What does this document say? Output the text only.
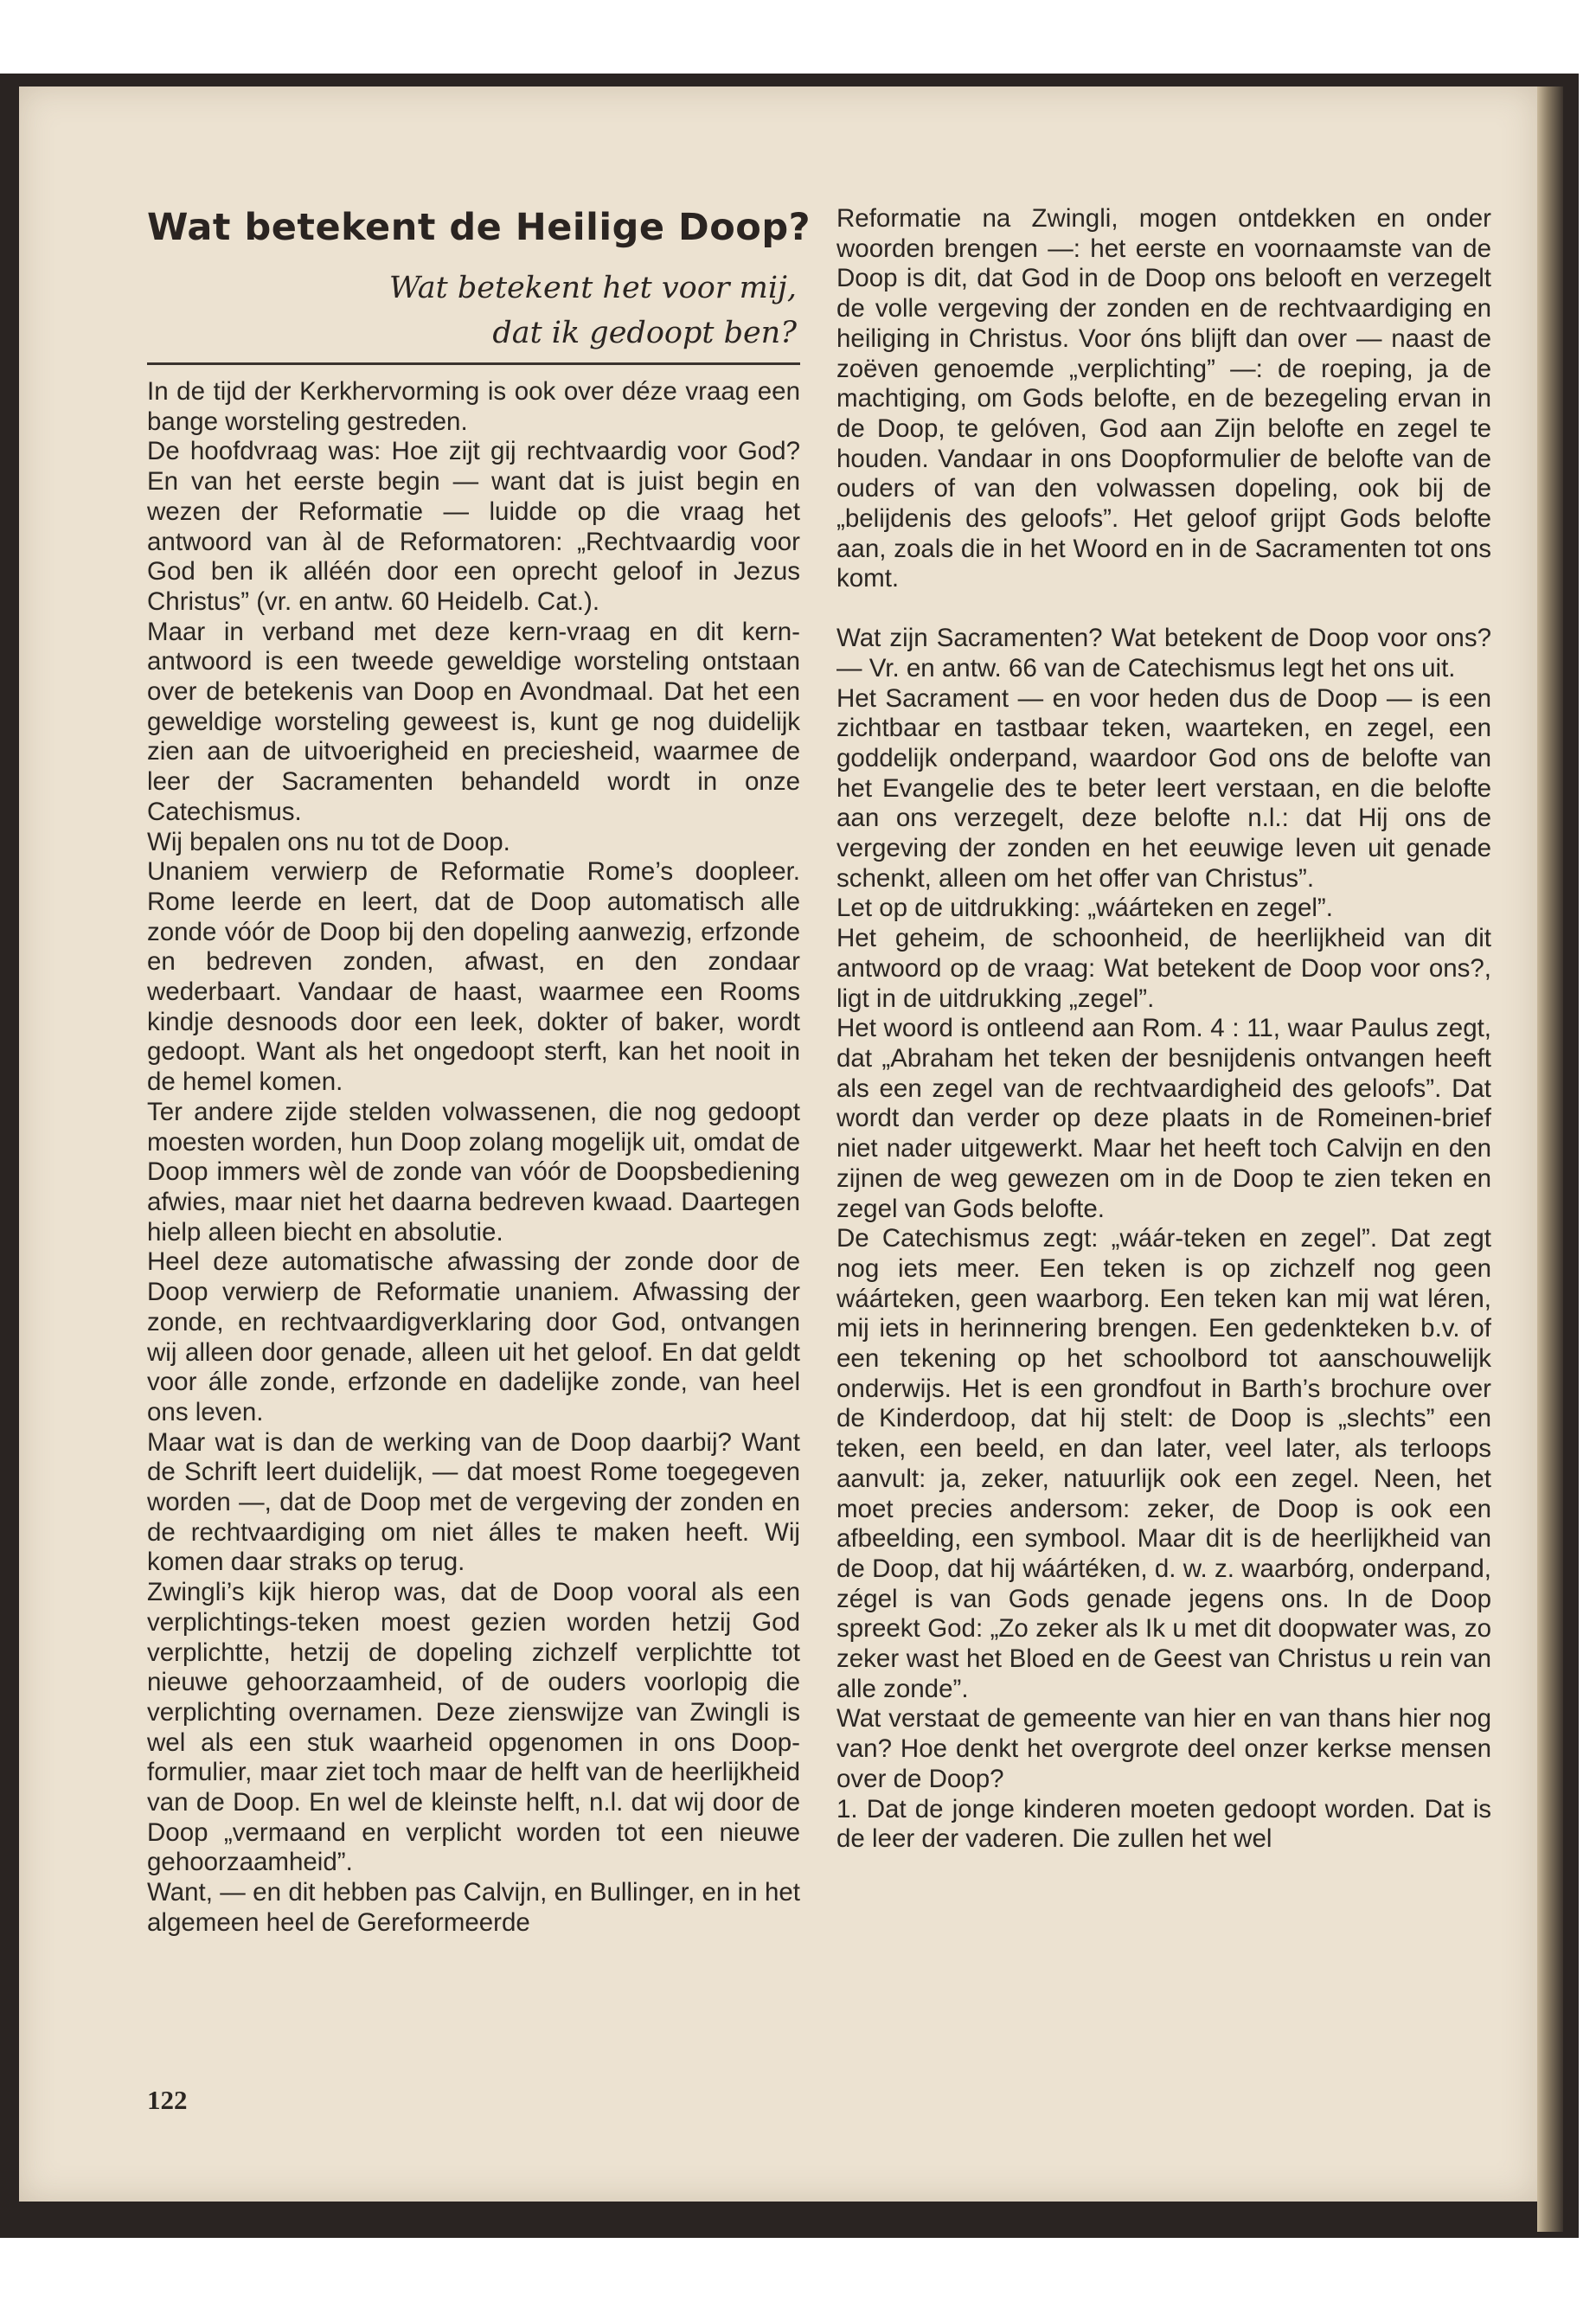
Wat betekent de Heilige Doop?
Wat betekent het voor mij,
dat ik gedoopt ben?

In de tijd der Kerkhervorming is ook over déze vraag een bange worsteling gestreden.

De hoofdvraag was: Hoe zijt gij rechtvaardig voor God? En van het eerste begin — want dat is juist begin en wezen der Reformatie — luidde op die vraag het antwoord van àl de Reformatoren: „Rechtvaardig voor God ben ik alléén door een oprecht geloof in Jezus Christus” (vr. en antw. 60 Heidelb. Cat.).

Maar in verband met deze kern-vraag en dit kern-antwoord is een tweede geweldige worsteling ontstaan over de betekenis van Doop en Avondmaal. Dat het een geweldige worsteling geweest is, kunt ge nog duidelijk zien aan de uitvoerigheid en preciesheid, waarmee de leer der Sacramenten behandeld wordt in onze Catechismus.

Wij bepalen ons nu tot de Doop.

Unaniem verwierp de Reformatie Rome’s doopleer. Rome leerde en leert, dat de Doop automatisch alle zonde vóór de Doop bij den dopeling aanwezig, erfzonde en bedreven zonden, afwast, en den zondaar wederbaart. Vandaar de haast, waarmee een Rooms kindje desnoods door een leek, dokter of baker, wordt gedoopt. Want als het ongedoopt sterft, kan het nooit in de hemel komen.

Ter andere zijde stelden volwassenen, die nog gedoopt moesten worden, hun Doop zolang mogelijk uit, omdat de Doop immers wèl de zonde van vóór de Doopsbediening afwies, maar niet het daarna bedreven kwaad. Daartegen hielp alleen biecht en absolutie.

Heel deze automatische afwassing der zonde door de Doop verwierp de Reformatie unaniem. Afwassing der zonde, en rechtvaardigverklaring door God, ontvangen wij alleen door genade, alleen uit het geloof. En dat geldt voor álle zonde, erfzonde en dadelijke zonde, van heel ons leven.

Maar wat is dan de werking van de Doop daarbij? Want de Schrift leert duidelijk, — dat moest Rome toegegeven worden —, dat de Doop met de vergeving der zonden en de rechtvaardiging om niet álles te maken heeft. Wij komen daar straks op terug.

Zwingli’s kijk hierop was, dat de Doop vooral als een verplichtings-teken moest gezien worden hetzij God verplichtte, hetzij de dopeling zichzelf verplichtte tot nieuwe gehoorzaamheid, of de ouders voorlopig die verplichting overnamen. Deze zienswijze van Zwingli is wel als een stuk waarheid opgenomen in ons Doop-formulier, maar ziet toch maar de helft van de heerlijkheid van de Doop. En wel de kleinste helft, n.l. dat wij door de Doop „vermaand en verplicht worden tot een nieuwe gehoorzaamheid”.

Want, — en dit hebben pas Calvijn, en Bullinger, en in het algemeen heel de Gereformeerde

122

Reformatie na Zwingli, mogen ontdekken en onder woorden brengen —: het eerste en voornaamste van de Doop is dit, dat God in de Doop ons belooft en verzegelt de volle vergeving der zonden en de rechtvaardiging en heiliging in Christus. Voor óns blijft dan over — naast de zoëven genoemde „verplichting” —: de roeping, ja de machtiging, om Gods belofte, en de bezegeling ervan in de Doop, te gelóven, God aan Zijn belofte en zegel te houden. Vandaar in ons Doopformulier de belofte van de ouders of van den volwassen dopeling, ook bij de „belijdenis des geloofs”. Het geloof grijpt Gods belofte aan, zoals die in het Woord en in de Sacramenten tot ons komt.

Wat zijn Sacramenten? Wat betekent de Doop voor ons? — Vr. en antw. 66 van de Catechismus legt het ons uit.

Het Sacrament — en voor heden dus de Doop — is een zichtbaar en tastbaar teken, waarteken, en zegel, een goddelijk onderpand, waardoor God ons de belofte van het Evangelie des te beter leert verstaan, en die belofte aan ons verzegelt, deze belofte n.l.: dat Hij ons de vergeving der zonden en het eeuwige leven uit genade schenkt, alleen om het offer van Christus”.

Let op de uitdrukking: „wáárteken en zegel”.

Het geheim, de schoonheid, de heerlijkheid van dit antwoord op de vraag: Wat betekent de Doop voor ons?, ligt in de uitdrukking „zegel”.

Het woord is ontleend aan Rom. 4 : 11, waar Paulus zegt, dat „Abraham het teken der besnijdenis ontvangen heeft als een zegel van de rechtvaardigheid des geloofs”. Dat wordt dan verder op deze plaats in de Romeinen-brief niet nader uitgewerkt. Maar het heeft toch Calvijn en den zijnen de weg gewezen om in de Doop te zien teken en zegel van Gods belofte.

De Catechismus zegt: „wáár-teken en zegel”. Dat zegt nog iets meer. Een teken is op zichzelf nog geen wáárteken, geen waarborg. Een teken kan mij wat léren, mij iets in herinnering brengen. Een gedenkteken b.v. of een tekening op het schoolbord tot aanschouwelijk onderwijs. Het is een grondfout in Barth’s brochure over de Kinderdoop, dat hij stelt: de Doop is „slechts” een teken, een beeld, en dan later, veel later, als terloops aanvult: ja, zeker, natuurlijk ook een zegel. Neen, het moet precies andersom: zeker, de Doop is ook een afbeelding, een symbool. Maar dit is de heerlijkheid van de Doop, dat hij wáártéken, d. w. z. waarbórg, onderpand, zégel is van Gods genade jegens ons. In de Doop spreekt God: „Zo zeker als Ik u met dit doopwater was, zo zeker wast het Bloed en de Geest van Christus u rein van alle zonde”.

Wat verstaat de gemeente van hier en van thans hier nog van? Hoe denkt het overgrote deel onzer kerkse mensen over de Doop?

1. Dat de jonge kinderen moeten gedoopt worden. Dat is de leer der vaderen. Die zullen het wel
